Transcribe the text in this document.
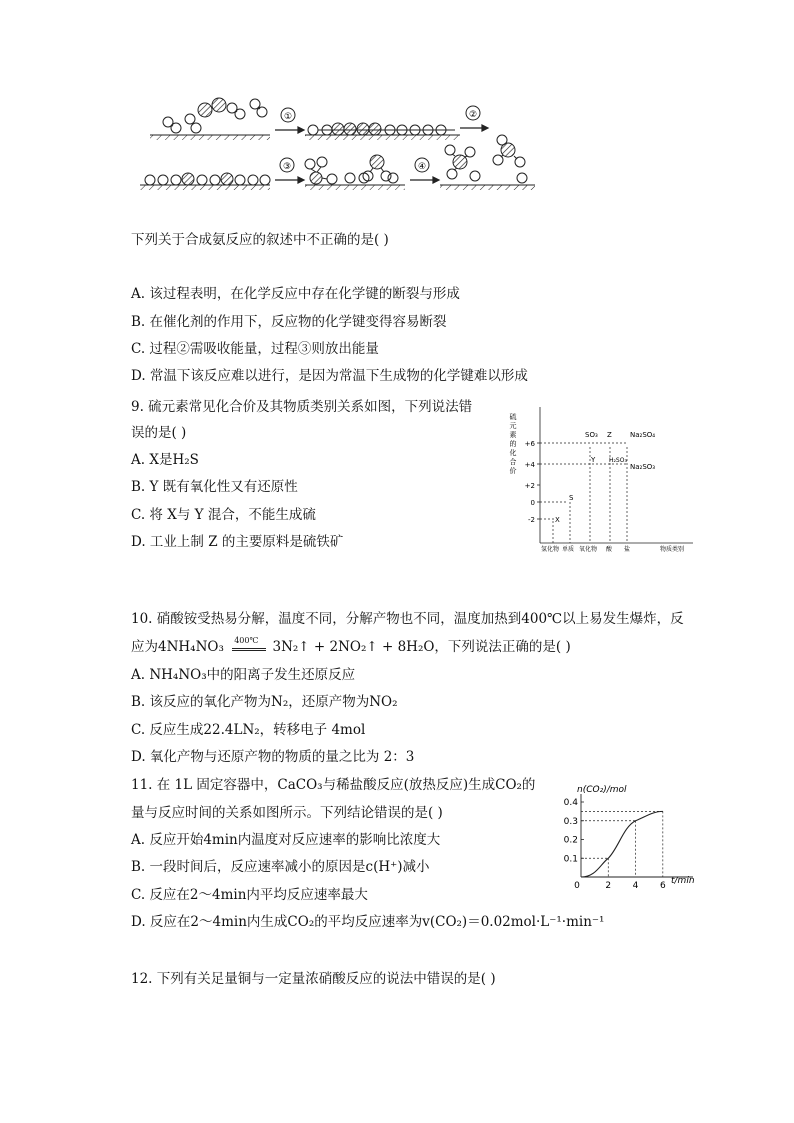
①	②
③	④
下列关于合成氨反应的叙述中不正确的是( )
A. 该过程表明，在化学反应中存在化学键的断裂与形成
B. 在催化剂的作用下，反应物的化学键变得容易断裂
C. 过程②需吸收能量，过程③则放出能量
D. 常温下该反应难以进行，是因为常温下生成物的化学键难以形成
9. 硫元素常见化合价及其物质类别关系如图，下列说法错
误的是( )
A. X是H₂S
B. Y 既有氧化性又有还原性
C. 将 X与 Y 混合，不能生成硫
D. 工业上制 Z 的主要原料是硫铁矿
硫元素的化合价 +6
+4
+2
0
-2
SO₃ Z	Na₂SO₄
Y H₂SO₃
Na₂SO₃
S
X
氢化物 单质 氧化物 酸 盐	物质类别
10. 硝酸铵受热易分解，温度不同，分解产物也不同，温度加热到400℃以上易发生爆炸，反
应为4NH₄NO₃ 400℃ 3N₂↑ + 2NO₂↑ + 8H₂O，下列说法正确的是( )
A. NH₄NO₃中的阳离子发生还原反应
B. 该反应的氧化产物为N₂，还原产物为NO₂
C. 反应生成22.4LN₂，转移电子 4mol
D. 氧化产物与还原产物的物质的量之比为 2：3
11. 在 1L 固定容器中，CaCO₃与稀盐酸反应(放热反应)生成CO₂的
量与反应时间的关系如图所示。下列结论错误的是( )
A. 反应开始4min内温度对反应速率的影响比浓度大
B. 一段时间后，反应速率减小的原因是c(H⁺)减小
C. 反应在2～4min内平均反应速率最大
D. 反应在2～4min内生成CO₂的平均反应速率为v(CO₂)＝0.02mol·L⁻¹·min⁻¹
n(CO₂)/mol
t/min
0.4
0.3
0.2
0.1
0	2 4 6
12. 下列有关足量铜与一定量浓硝酸反应的说法中错误的是( )
